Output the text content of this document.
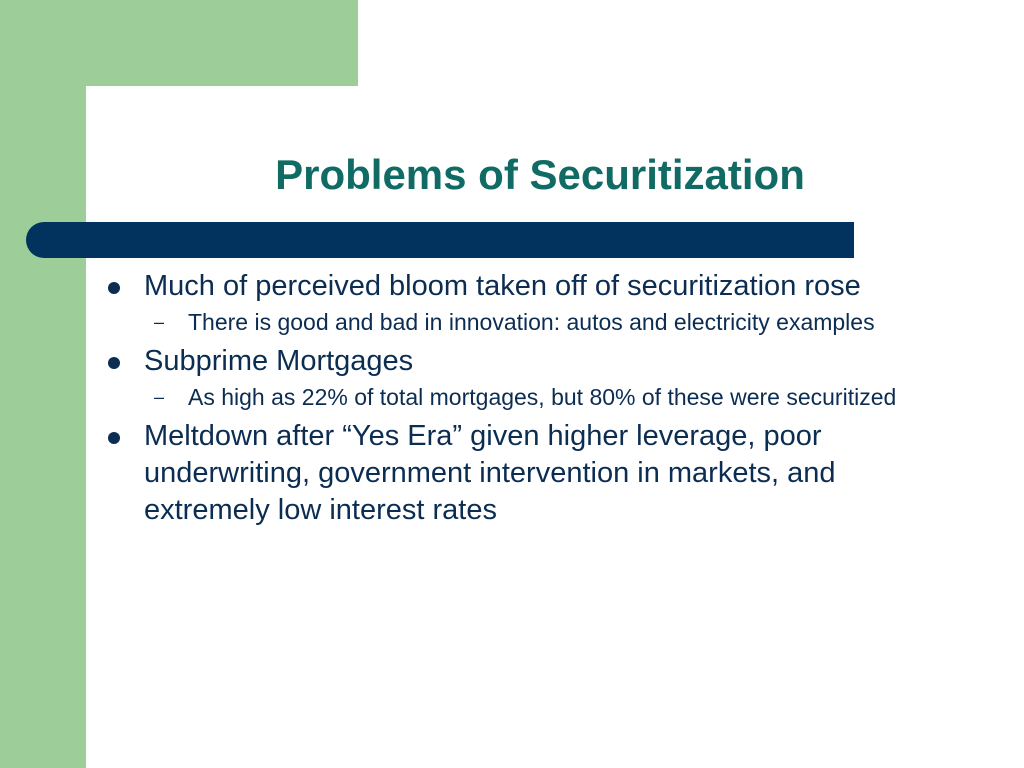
Problems of Securitization
Much of perceived bloom taken off of securitization rose
– There is good and bad in innovation: autos and electricity examples
Subprime Mortgages
– As high as 22% of total mortgages, but 80% of these were securitized
Meltdown after “Yes Era” given higher leverage, poor underwriting, government intervention in markets, and extremely low interest rates
